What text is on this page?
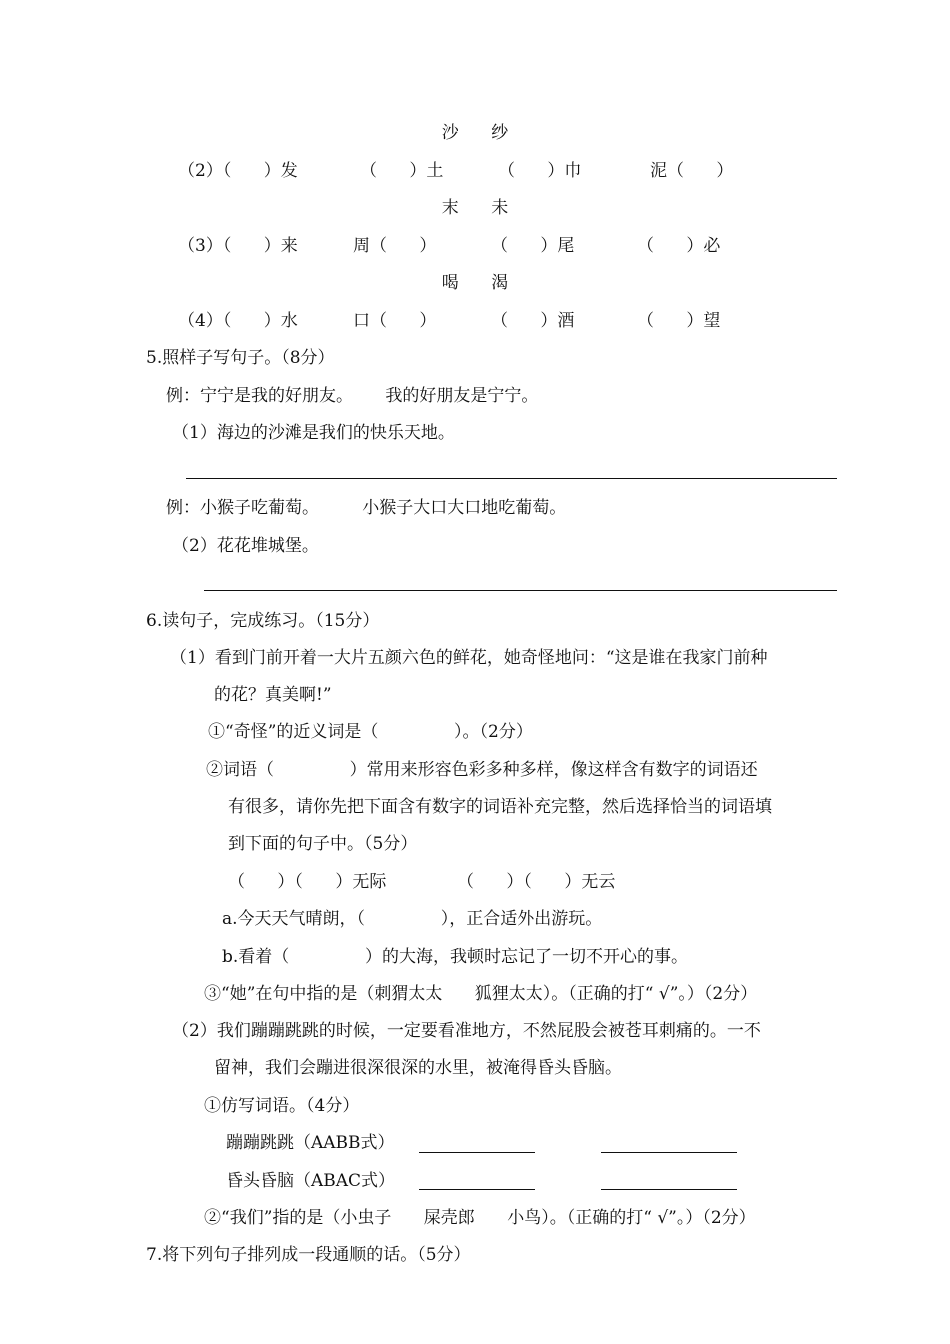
沙      纱
（2）（      ）发	（      ）土	（      ）巾	泥（      ）
末      未
（3）（      ）来	周（      ）	（      ）尾	（      ）必
喝      渴
（4）（      ）水	口（      ）	（      ）酒	（      ）望
5.照样子写句子。（8分）
例：宁宁是我的好朋友。      我的好朋友是宁宁。
（1）海边的沙滩是我们的快乐天地。
例：小猴子吃葡萄。        小猴子大口大口地吃葡萄。
（2）花花堆城堡。
6.读句子，完成练习。（15分）
（1）看到门前开着一大片五颜六色的鲜花，她奇怪地问：“这是谁在我家门前种
的花？真美啊!”
①“奇怪”的近义词是（              ）。（2分）
②词语（              ）常用来形容色彩多种多样，像这样含有数字的词语还
有很多，请你先把下面含有数字的词语补充完整，然后选择恰当的词语填
到下面的句子中。（5分）
（      ）（      ）无际	（      ）（      ）无云
a.今天天气晴朗，（              ），正合适外出游玩。
b.看着（              ）的大海，我顿时忘记了一切不开心的事。
③“她”在句中指的是（刺猬太太      狐狸太太）。（正确的打“ √”。）（2分）
（2）我们蹦蹦跳跳的时候，一定要看准地方，不然屁股会被苍耳刺痛的。一不
留神，我们会蹦进很深很深的水里，被淹得昏头昏脑。
①仿写词语。（4分）
蹦蹦跳跳（AABB式）
昏头昏脑（ABAC式）
②“我们”指的是（小虫子      屎壳郎      小鸟）。（正确的打“ √”。）（2分）
7.将下列句子排列成一段通顺的话。（5分）
